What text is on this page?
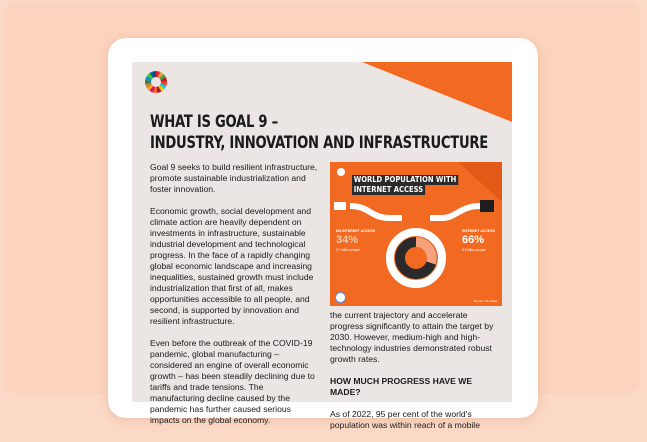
WHAT IS GOAL 9 –
INDUSTRY, INNOVATION AND INFRASTRUCTURE

Goal 9 seeks to build resilient infrastructure, promote sustainable industrialization and foster innovation.

Economic growth, social development and climate action are heavily dependent on investments in infrastructure, sustainable industrial development and technological progress. In the face of a rapidly changing global economic landscape and increasing inequalities, sustained growth must include industrialization that first of all, makes opportunities accessible to all people, and second, is supported by innovation and resilient infrastructure.

Even before the outbreak of the COVID-19 pandemic, global manufacturing – considered an engine of overall economic growth – has been steadily declining due to tariffs and trade tensions. The manufacturing decline caused by the pandemic has further caused serious impacts on the global economy.

WORLD POPULATION WITH
INTERNET ACCESS
NO INTERNET ACCESS
34%
2.7 billion people
INTERNET ACCESS
66%
5.3 billion people
Source: ITU 2022

the current trajectory and accelerate progress significantly to attain the target by 2030. However, medium-high and high-technology industries demonstrated robust growth rates.

HOW MUCH PROGRESS HAVE WE MADE?

As of 2022, 95 per cent of the world's population was within reach of a mobile
